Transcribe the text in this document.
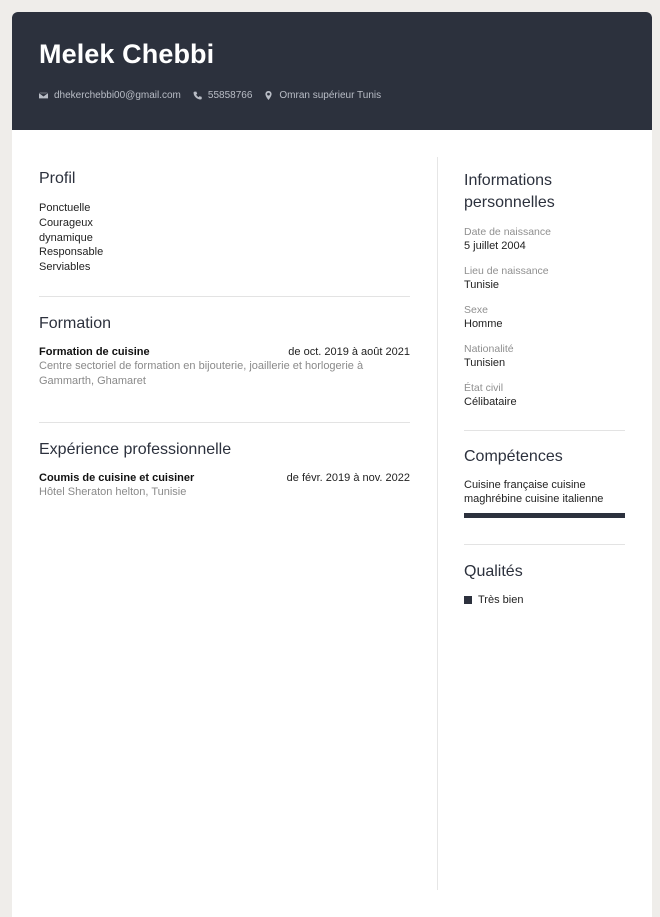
Melek Chebbi
dhekerchebbi00@gmail.com	55858766	Omran supérieur Tunis
Profil
Ponctuelle
Courageux
dynamique
Responsable
Serviables
Formation
Formation de cuisine	de oct. 2019 à août 2021
Centre sectoriel de formation en bijouterie, joaillerie et horlogerie à Gammarth, Ghamaret
Expérience professionnelle
Coumis de cuisine et cuisiner	de févr. 2019 à nov. 2022
Hôtel Sheraton helton, Tunisie
Informations personnelles
Date de naissance
5 juillet 2004
Lieu de naissance
Tunisie
Sexe
Homme
Nationalité
Tunisien
État civil
Célibataire
Compétences
Cuisine française cuisine maghrébine cuisine italienne
Qualités
Très bien
